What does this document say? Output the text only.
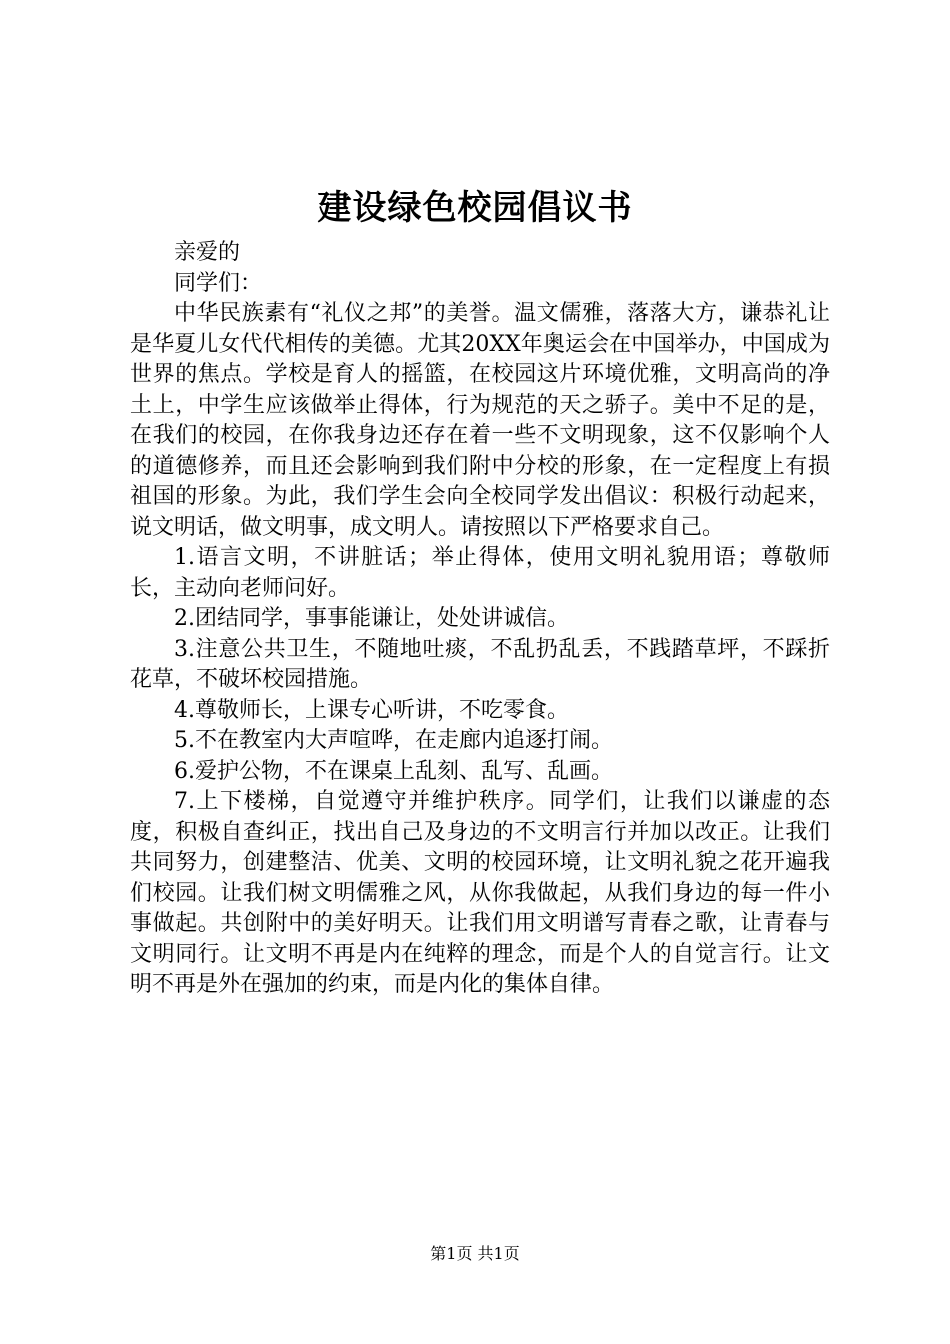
建设绿色校园倡议书

亲爱的

同学们：

中华民族素有“礼仪之邦”的美誉。温文儒雅，落落大方，谦恭礼让是华夏儿女代代相传的美德。尤其20XX年奥运会在中国举办，中国成为世界的焦点。学校是育人的摇篮，在校园这片环境优雅，文明高尚的净土上，中学生应该做举止得体，行为规范的天之骄子。美中不足的是，在我们的校园，在你我身边还存在着一些不文明现象，这不仅影响个人的道德修养，而且还会影响到我们附中分校的形象，在一定程度上有损祖国的形象。为此，我们学生会向全校同学发出倡议：积极行动起来，说文明话，做文明事，成文明人。请按照以下严格要求自己。

1.语言文明，不讲脏话；举止得体，使用文明礼貌用语；尊敬师长，主动向老师问好。

2.团结同学，事事能谦让，处处讲诚信。

3.注意公共卫生，不随地吐痰，不乱扔乱丢，不践踏草坪，不踩折花草，不破坏校园措施。

4.尊敬师长，上课专心听讲，不吃零食。

5.不在教室内大声喧哗，在走廊内追逐打闹。

6.爱护公物，不在课桌上乱刻、乱写、乱画。

7.上下楼梯，自觉遵守并维护秩序。同学们，让我们以谦虚的态度，积极自查纠正，找出自己及身边的不文明言行并加以改正。让我们共同努力，创建整洁、优美、文明的校园环境，让文明礼貌之花开遍我们校园。让我们树文明儒雅之风，从你我做起，从我们身边的每一件小事做起。共创附中的美好明天。让我们用文明谱写青春之歌，让青春与文明同行。让文明不再是内在纯粹的理念，而是个人的自觉言行。让文明不再是外在强加的约束，而是内化的集体自律。

第1页 共1页
